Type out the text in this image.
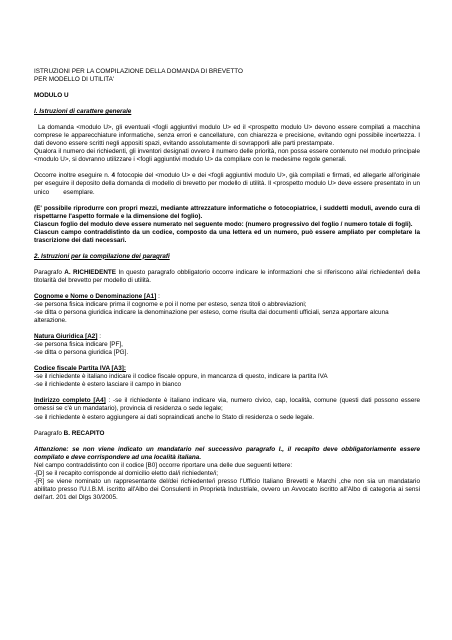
ISTRUZIONI PER LA COMPILAZIONE DELLA DOMANDA DI BREVETTO

PER MODELLO DI UTILITA'

MODULO U

I. Istruzioni di carattere generale

La domanda <modulo U>, gli eventuali <fogli aggiuntivi modulo U> ed il <prospetto modulo U> devono essere compilati a macchina comprese le apparecchiature informatiche, senza errori e cancellature, con chiarezza e precisione, evitando ogni possibile incertezza. I dati devono essere scritti negli appositi spazi, evitando assolutamente di sovrapporli alle parti prestampate.

Qualora il numero dei richiedenti, gli inventori designati ovvero il numero delle priorità, non possa essere contenuto nel modulo principale <modulo U>, si dovranno utilizzare i <fogli aggiuntivi modulo U> da compilare con le medesime regole generali.

Occorre inoltre eseguire n. 4 fotocopie del <modulo U> e dei <fogli aggiuntivi modulo U>, già compilati e firmati, ed allegarle all'originale per eseguire il deposito della domanda di modello di brevetto per modello di utilità. Il <prospetto modulo U> deve essere presentato in un unico        esemplare.

(E' possibile riprodurre con propri mezzi, mediante attrezzature informatiche o fotocopiatrice, i suddetti moduli, avendo cura di rispettarne l'aspetto formale e la dimensione del foglio).

Ciascun foglio del modulo deve essere numerato nel seguente modo: (numero progressivo del foglio / numero totale di fogli).

Ciascun campo contraddistinto da un codice, composto da una lettera ed un numero, può essere ampliato per completare la trascrizione dei dati necessari.

2. Istruzioni per la compilazione dei paragrafi

Paragrafo A. RICHIEDENTE In questo paragrafo obbligatorio occorre indicare le informazioni che si riferiscono al/ai richiedente/i della titolarità del brevetto per modello di utilità.

Cognome e Nome o Denominazione [A1] :

-se persona fisica indicare prima il cognome e poi il nome per esteso, senza titoli o abbreviazioni;

-se ditta o persona giuridica indicare la denominazione per esteso, come risulta dai documenti ufficiali, senza apportare alcuna alterazione.

Natura Giuridica [A2] :

-se persona fisica indicare [PF],

-se ditta o persona giuridica [PG].

Codice fiscale Partita IVA [A3]:

-se il richiedente è italiano indicare il codice fiscale oppure, in mancanza di questo, indicare la partita IVA

-se il richiedente è estero lasciare il campo in bianco

Indirizzo completo [A4] : -se il richiedente è italiano indicare via, numero civico, cap, località, comune (questi dati possono essere omessi se c'è un mandatario), provincia di residenza o sede legale;

-se il richiedente è estero aggiungere ai dati sopraindicati anche lo Stato di residenza o sede legale.

Paragrafo B. RECAPITO

Attenzione: se non viene indicato un mandatario nel successivo paragrafo I., il recapito deve obbligatoriamente essere compilato e deve corrispondere ad una località italiana.

Nel campo contraddistinto con il codice [B0] occorre riportare una delle due seguenti lettere:

-[D] se il recapito corrisponde al domicilio eletto dal/i richiedente/i;

-[R] se viene nominato un rappresentante del/dei richiedente/i presso l'Ufficio Italiano Brevetti e Marchi ,che non sia un mandatario abilitato presso l'U.I.B.M. iscritto all'Albo dei Consulenti in Proprietà Industriale, ovvero un Avvocato iscritto all'Albo di categoria ai sensi dell'art. 201 del Dlgs 30/2005.
